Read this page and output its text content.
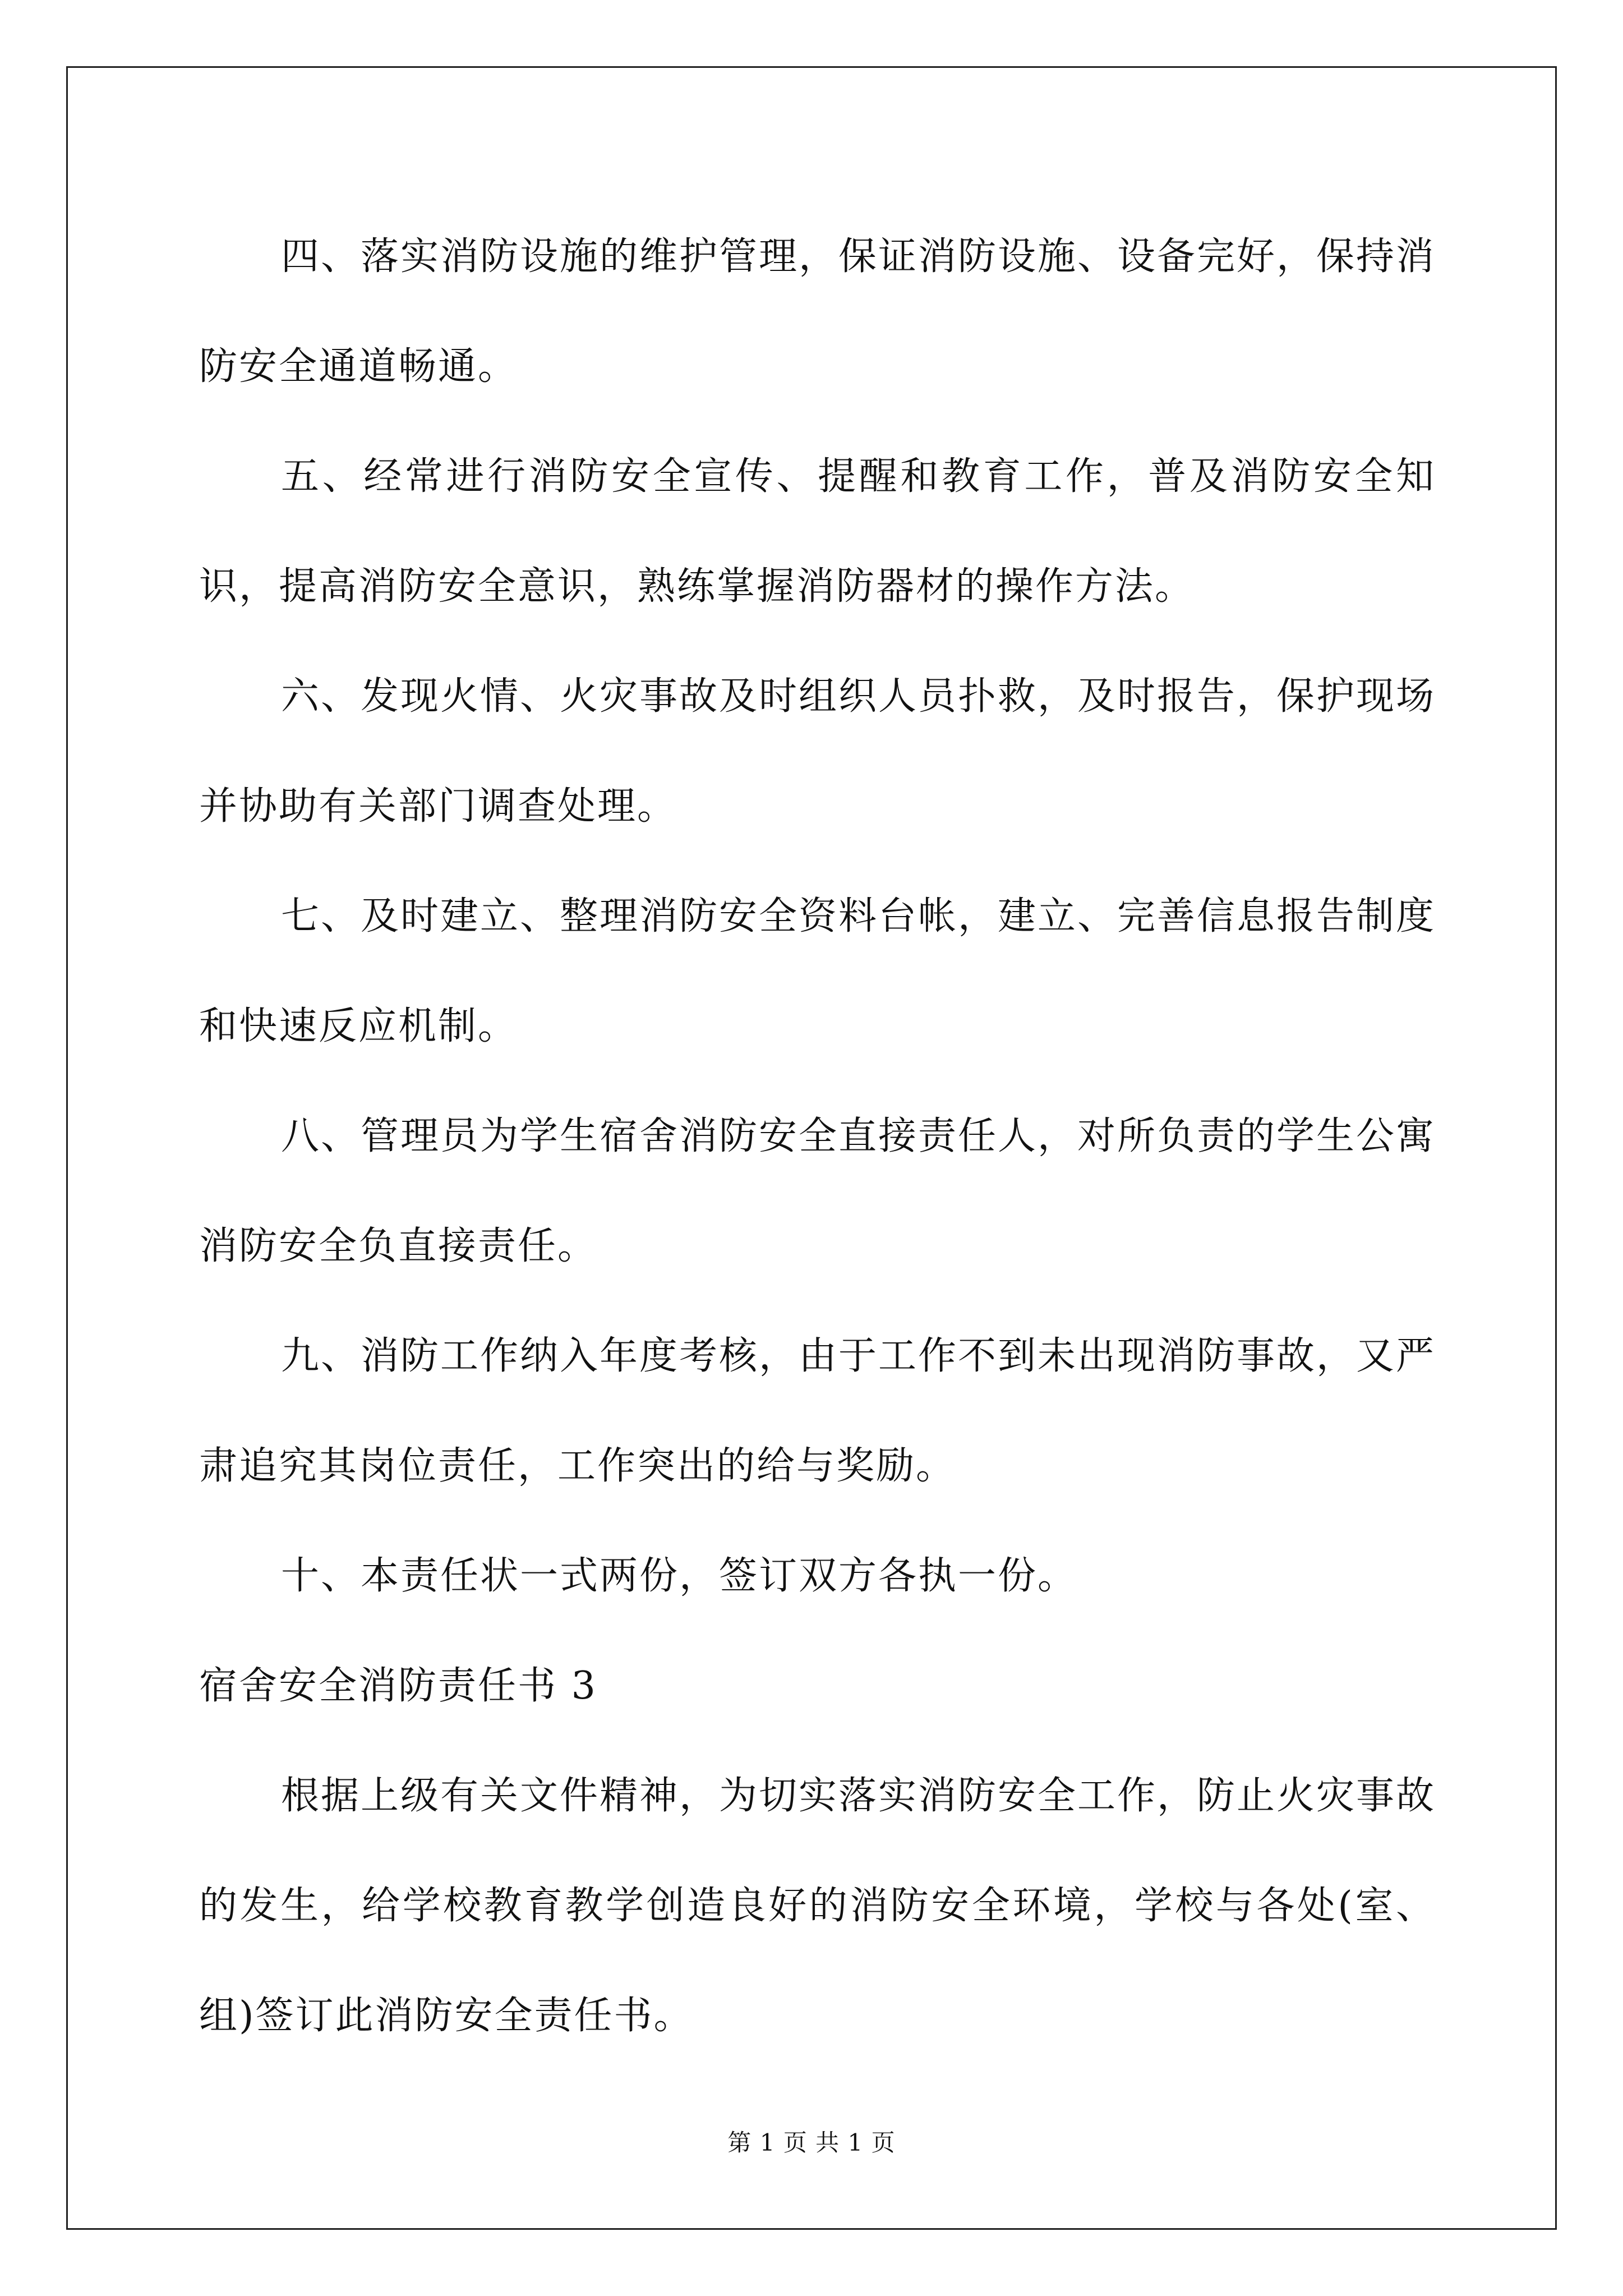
四、落实消防设施的维护管理，保证消防设施、设备完好，保持消防安全通道畅通。

五、经常进行消防安全宣传、提醒和教育工作，普及消防安全知识，提高消防安全意识，熟练掌握消防器材的操作方法。

六、发现火情、火灾事故及时组织人员扑救，及时报告，保护现场并协助有关部门调查处理。

七、及时建立、整理消防安全资料台帐，建立、完善信息报告制度和快速反应机制。

八、管理员为学生宿舍消防安全直接责任人，对所负责的学生公寓消防安全负直接责任。

九、消防工作纳入年度考核，由于工作不到未出现消防事故，又严肃追究其岗位责任，工作突出的给与奖励。

十、本责任状一式两份，签订双方各执一份。

宿舍安全消防责任书 3

根据上级有关文件精神，为切实落实消防安全工作，防止火灾事故的发生，给学校教育教学创造良好的消防安全环境，学校与各处(室、组)签订此消防安全责任书。

第 1 页 共 1 页
